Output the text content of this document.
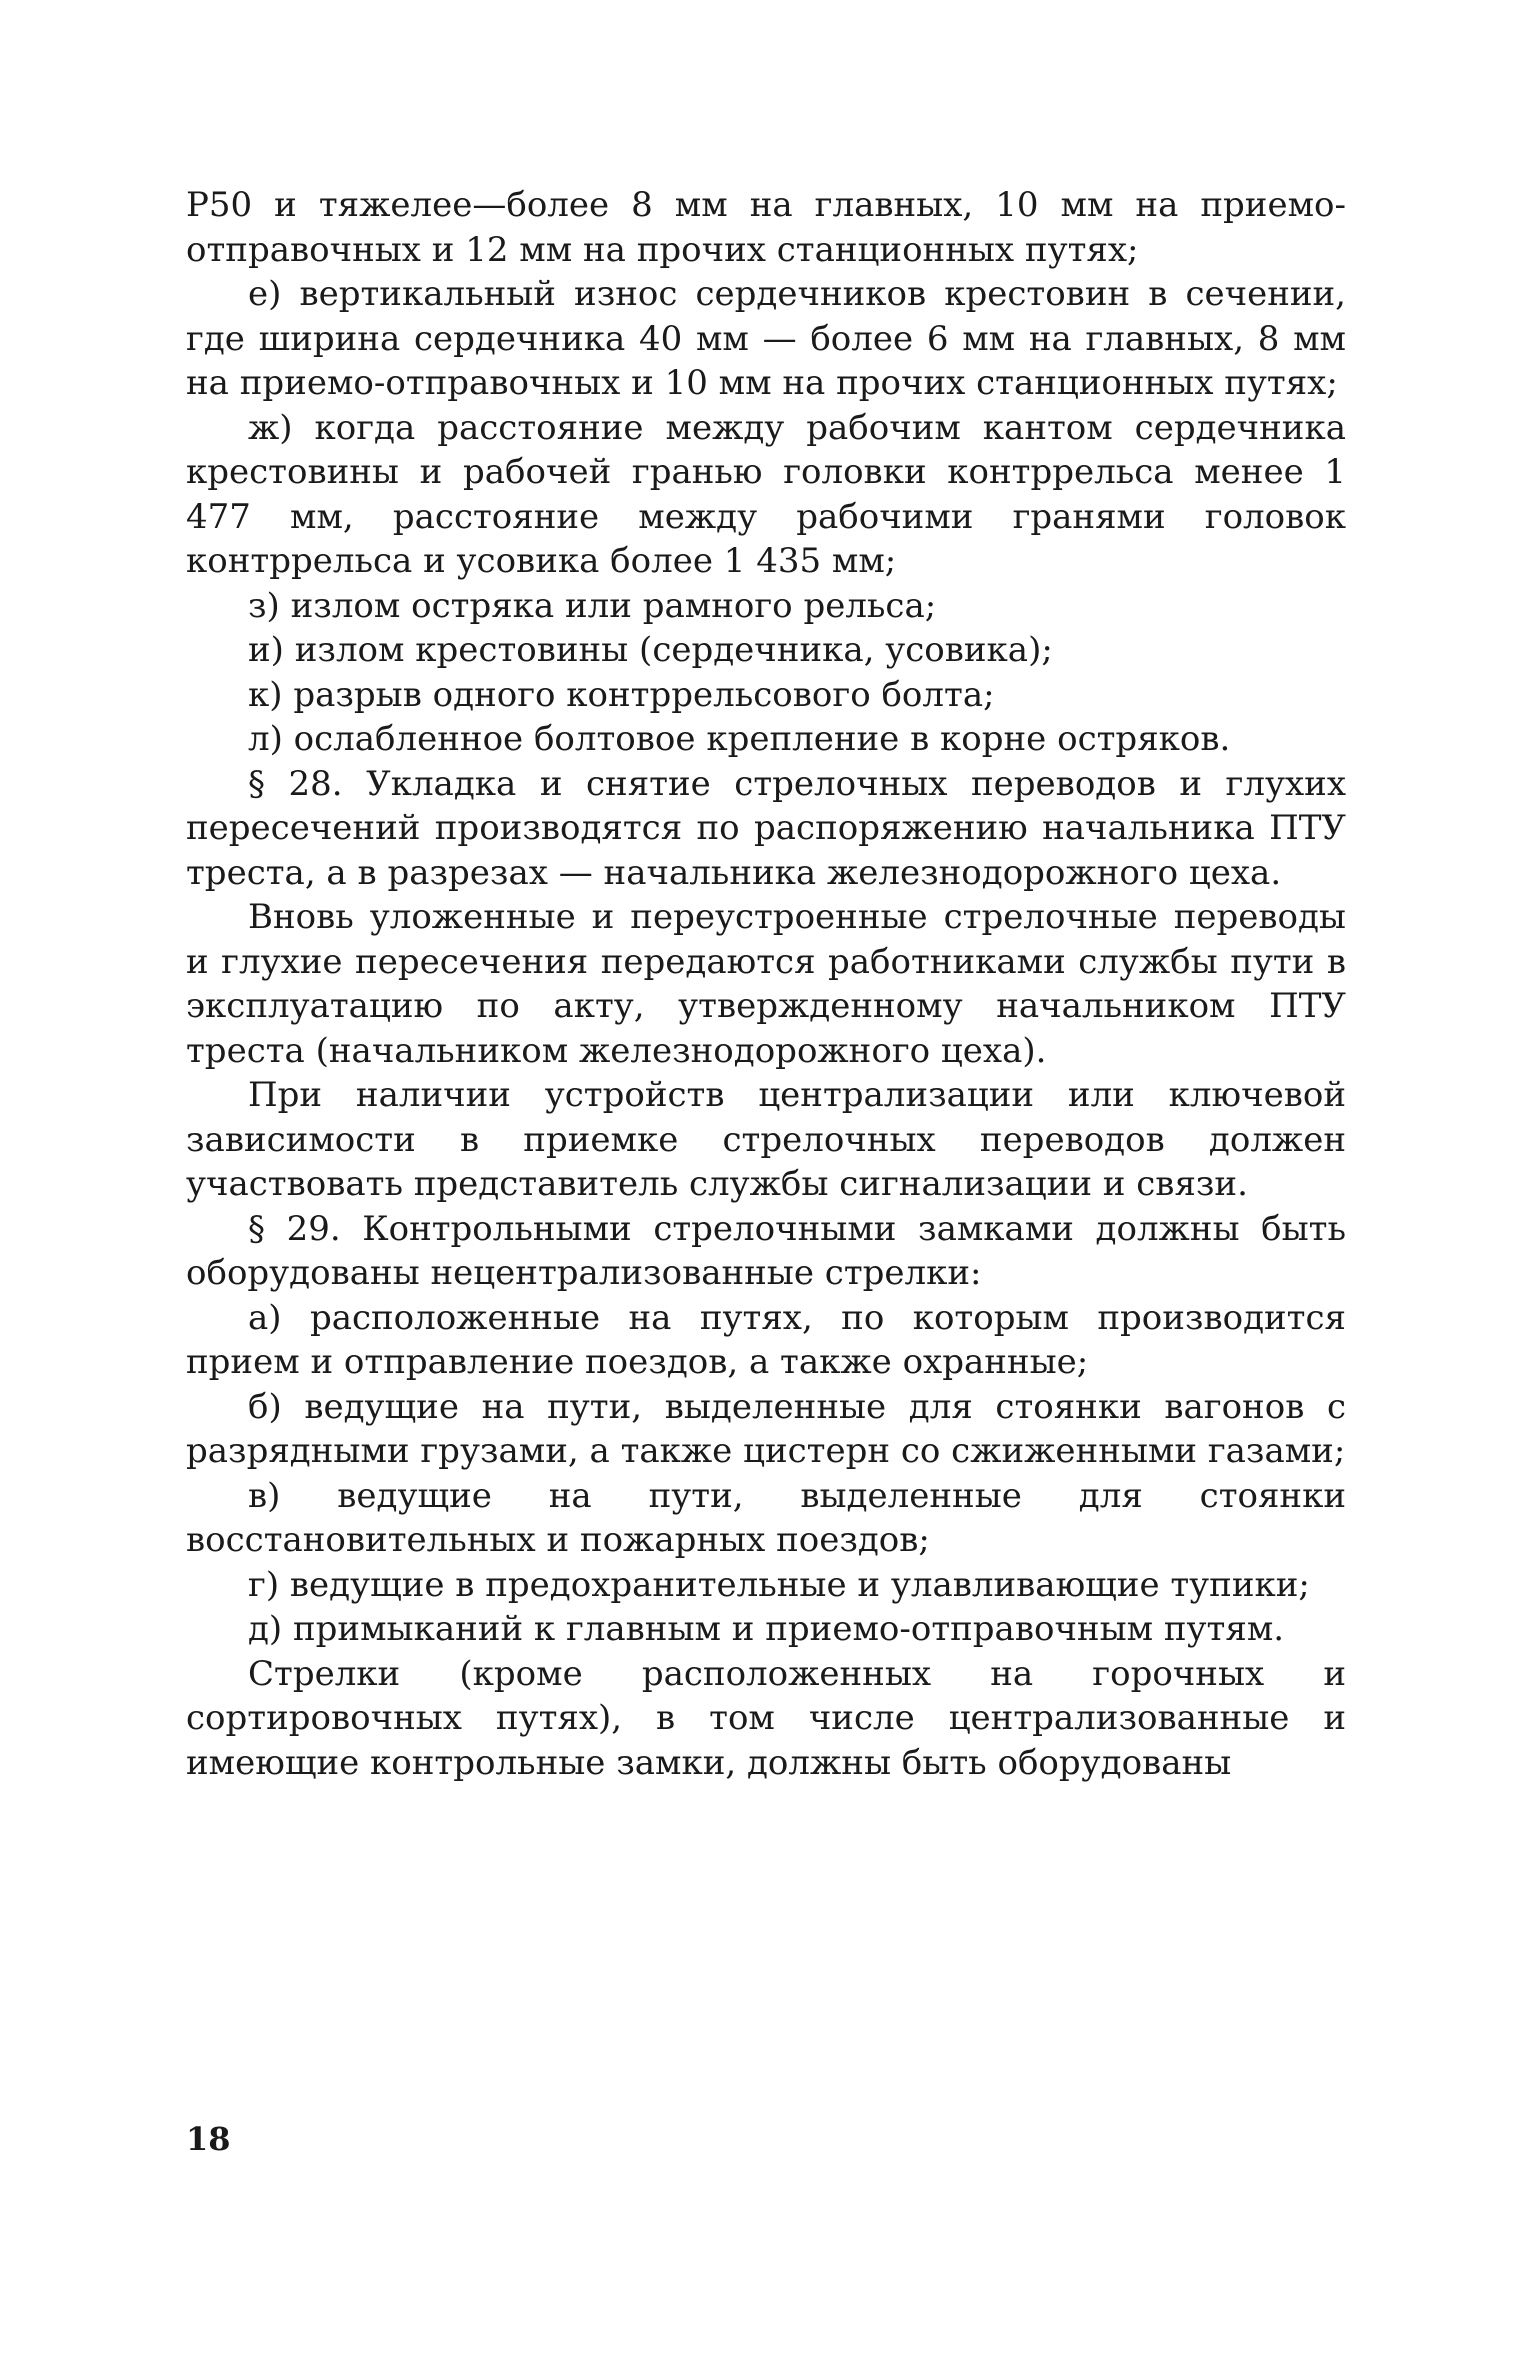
Р50 и тяжелее—более 8 мм на главных, 10 мм на приемо-отправочных и 12 мм на прочих станционных путях;

е) вертикальный износ сердечников крестовин в сечении, где ширина сердечника 40 мм — более 6 мм на главных, 8 мм на приемо-отправочных и 10 мм на прочих станционных путях;

ж) когда расстояние между рабочим кантом сердечника крестовины и рабочей гранью головки контррельса менее 1 477 мм, расстояние между рабочими гранями головок контррельса и усовика более 1 435 мм;

з) излом остряка или рамного рельса;

и) излом крестовины (сердечника, усовика);

к) разрыв одного контррельсового болта;

л) ослабленное болтовое крепление в корне остряков.

§ 28. Укладка и снятие стрелочных переводов и глухих пересечений производятся по распоряжению начальника ПТУ треста, а в разрезах — начальника железнодорожного цеха.

Вновь уложенные и переустроенные стрелочные переводы и глухие пересечения передаются работниками службы пути в эксплуатацию по акту, утвержденному начальником ПТУ треста (начальником железнодорожного цеха).

При наличии устройств централизации или ключевой зависимости в приемке стрелочных переводов должен участвовать представитель службы сигнализации и связи.

§ 29. Контрольными стрелочными замками должны быть оборудованы нецентрализованные стрелки:

а) расположенные на путях, по которым производится прием и отправление поездов, а также охранные;

б) ведущие на пути, выделенные для стоянки вагонов с разрядными грузами, а также цистерн со сжиженными газами;

в) ведущие на пути, выделенные для стоянки восстановительных и пожарных поездов;

г) ведущие в предохранительные и улавливающие тупики;

д) примыканий к главным и приемо-отправочным путям.

Стрелки (кроме расположенных на горочных и сортировочных путях), в том числе централизованные и имеющие контрольные замки, должны быть оборудованы

18
